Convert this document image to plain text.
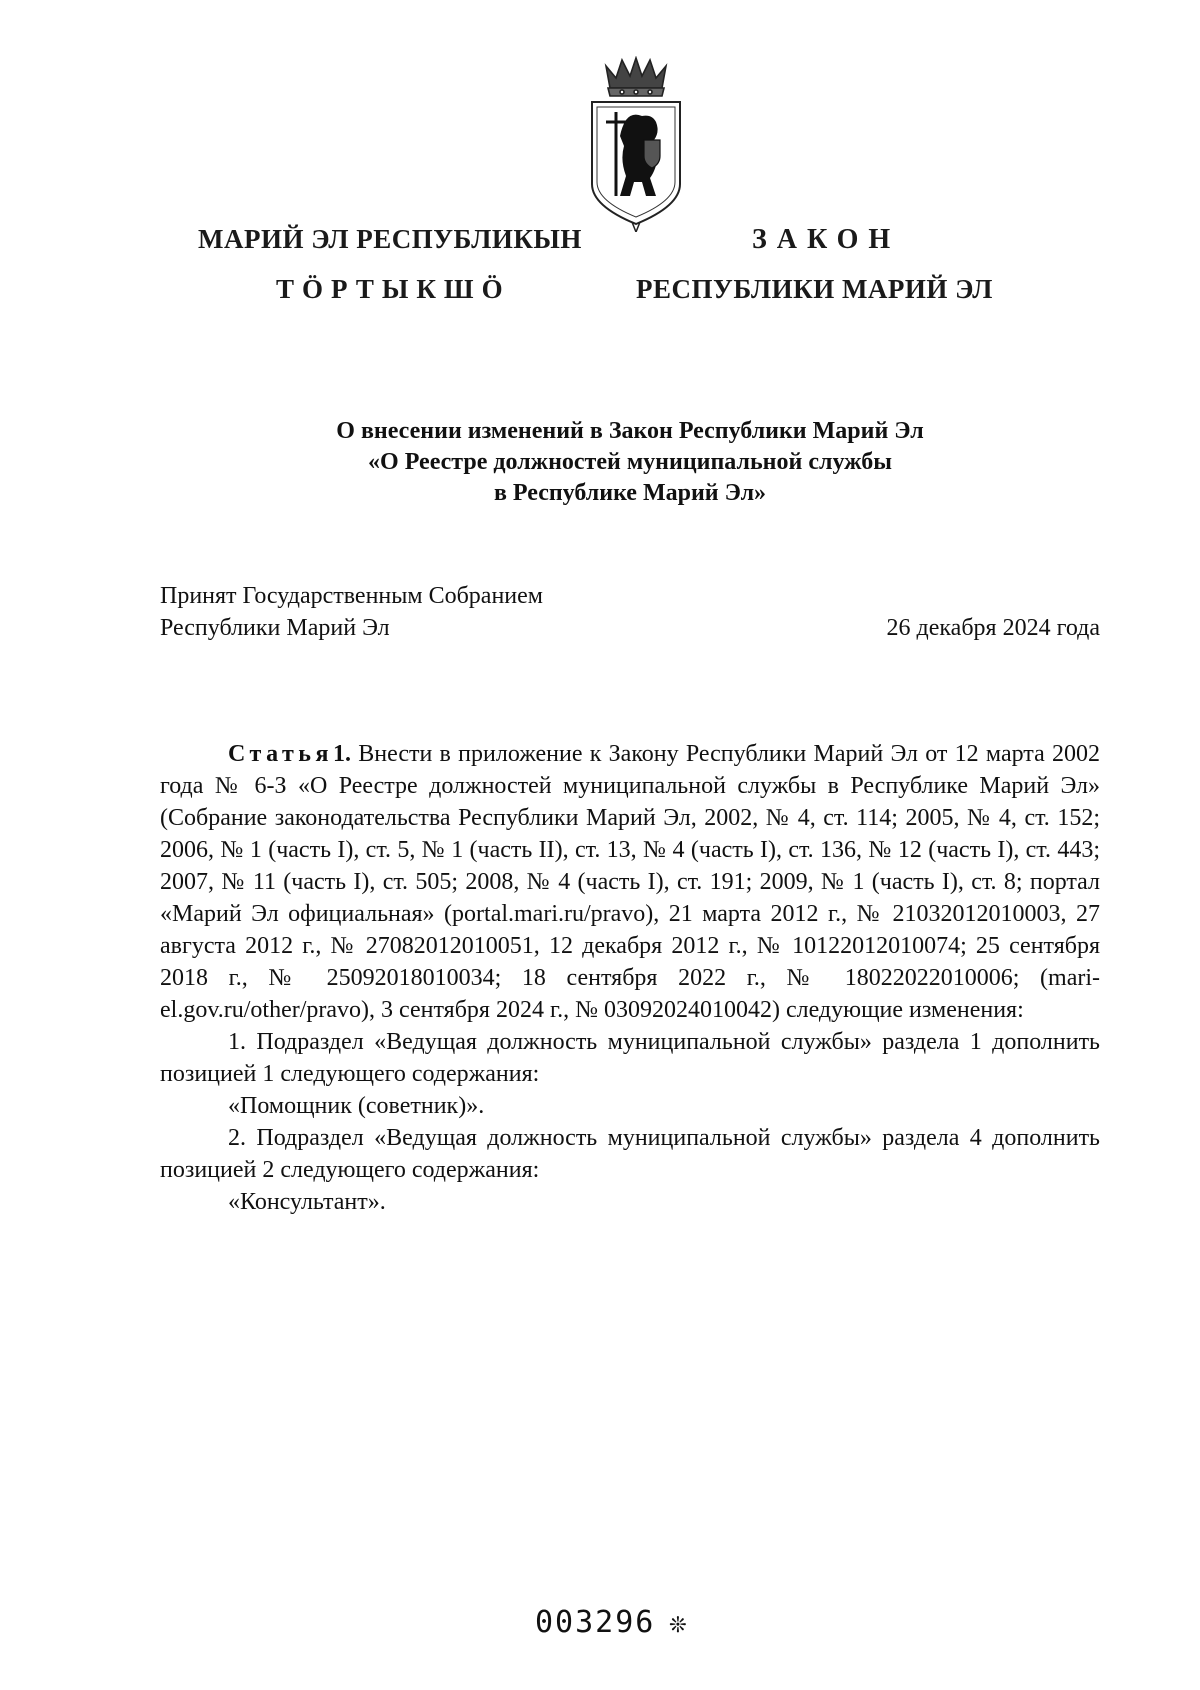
МАРИЙ ЭЛ РЕСПУБЛИКЫН
ТӦРТЫКШӦ
ЗАКОН
РЕСПУБЛИКИ МАРИЙ ЭЛ
О внесении изменений в Закон Республики Марий Эл
«О Реестре должностей муниципальной службы
в Республике Марий Эл»
Принят Государственным Собранием
Республики Марий Эл	26 декабря 2024 года

Статья1. Внести в приложение к Закону Республики Марий Эл от 12 марта 2002 года № 6-З «О Реестре должностей муниципальной службы в Республике Марий Эл» (Собрание законодательства Республики Марий Эл, 2002, № 4, ст. 114; 2005, № 4, ст. 152; 2006, № 1 (часть I), ст. 5, № 1 (часть II), ст. 13, № 4 (часть I), ст. 136, № 12 (часть I), ст. 443; 2007, № 11 (часть I), ст. 505; 2008, № 4 (часть I), ст. 191; 2009, № 1 (часть I), ст. 8; портал «Марий Эл официальная» (portal.mari.ru/pravo), 21 марта 2012 г., № 21032012010003, 27 августа 2012 г., № 27082012010051, 12 декабря 2012 г., № 10122012010074; 25 сентября 2018 г., № 25092018010034; 18 сентября 2022 г., № 18022022010006; (mari-el.gov.ru/other/pravo), 3 сентября 2024 г., № 03092024010042) следующие изменения:

1. Подраздел «Ведущая должность муниципальной службы» раздела 1 дополнить позицией 1 следующего содержания:

«Помощник (советник)».

2. Подраздел «Ведущая должность муниципальной службы» раздела 4 дополнить позицией 2 следующего содержания:

«Консультант».

003296 ❊
